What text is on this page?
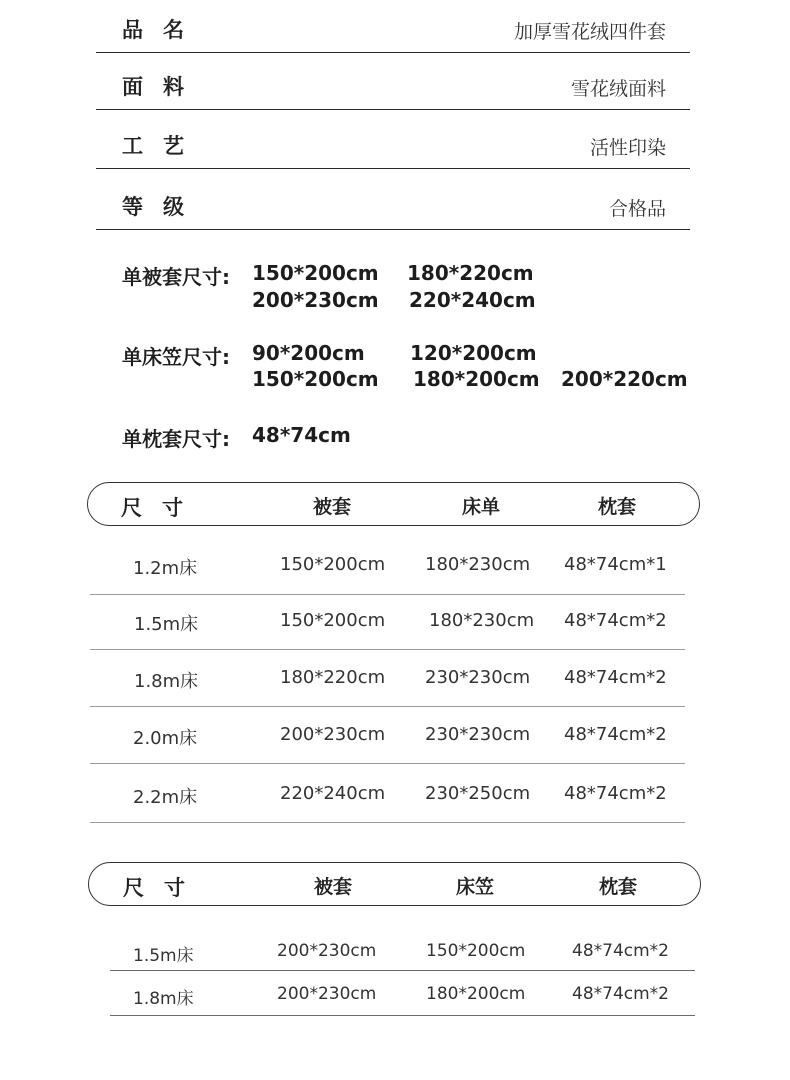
品名	加厚雪花绒四件套
面料	雪花绒面料
工艺	活性印染
等级	合格品
单被套尺寸: 150*200cm 180*220cm
200*230cm 220*240cm
单床笠尺寸: 90*200cm 120*200cm
150*200cm 180*200cm 200*220cm
单枕套尺寸: 48*74cm
尺寸	被套	床单	枕套
1.2m床	150*200cm 180*230cm 48*74cm*1
1.5m床	150*200cm 180*230cm 48*74cm*2
1.8m床	180*220cm 230*230cm 48*74cm*2
2.0m床	200*230cm 230*230cm 48*74cm*2
2.2m床	220*240cm 230*250cm 48*74cm*2
尺寸	被套	床笠	枕套
1.5m床	200*230cm	150*200cm	48*74cm*2
1.8m床	200*230cm	180*200cm	48*74cm*2
